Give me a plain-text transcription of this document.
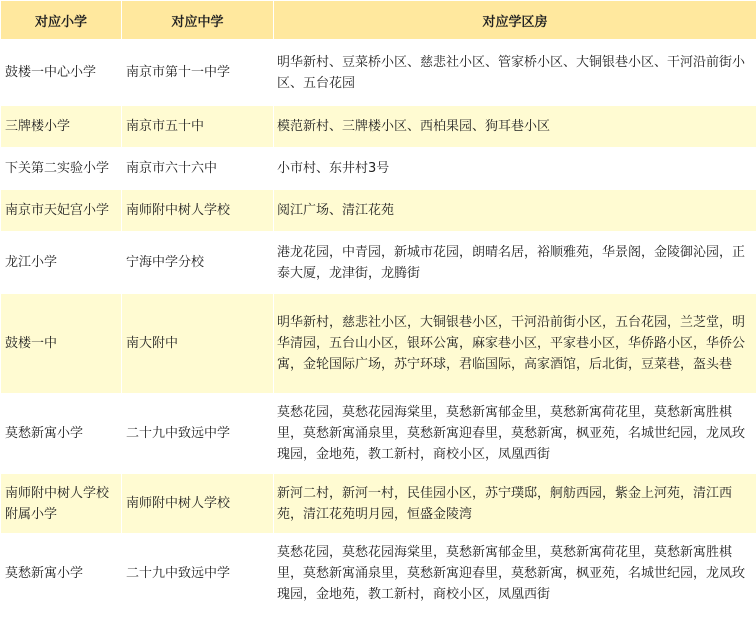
对应小学	对应中学	对应学区房
鼓楼一中心小学	南京市第十一中学	明华新村、豆菜桥小区、慈悲社小区、管家桥小区、大铜银巷小区、干河沿前街小区、五台花园
三牌楼小学	南京市五十中	模范新村、三牌楼小区、西柏果园、狗耳巷小区
下关第二实验小学	南京市六十六中	小市村、东井村3号
南京市天妃宫小学	南师附中树人学校	阅江广场、清江花苑
龙江小学	宁海中学分校	港龙花园，中青园，新城市花园，朗晴名居，裕顺雅苑，华景阁，金陵御沁园，正泰大厦，龙津街，龙腾街
鼓楼一中	南大附中	明华新村，慈悲社小区，大铜银巷小区，干河沿前街小区，五台花园，兰芝堂，明华清园，五台山小区，银环公寓，麻家巷小区，平家巷小区，华侨路小区，华侨公寓，金轮国际广场，苏宁环球，君临国际，高家酒馆，后北街，豆菜巷，盔头巷
莫愁新寓小学	二十九中致远中学	莫愁花园，莫愁花园海棠里，莫愁新寓郁金里，莫愁新寓荷花里，莫愁新寓胜棋里，莫愁新寓涌泉里，莫愁新寓迎春里，莫愁新寓，枫亚苑，名城世纪园，龙凤玫瑰园，金地苑，教工新村，商校小区，凤凰西街
南师附中树人学校附属小学	南师附中树人学校	新河二村，新河一村，民佳园小区，苏宁璞邸，舸舫西园，紫金上河苑，清江西苑，清江花苑明月园，恒盛金陵湾
莫愁新寓小学	二十九中致远中学	莫愁花园，莫愁花园海棠里，莫愁新寓郁金里，莫愁新寓荷花里，莫愁新寓胜棋里，莫愁新寓涌泉里，莫愁新寓迎春里，莫愁新寓，枫亚苑，名城世纪园，龙凤玫瑰园，金地苑，教工新村，商校小区，凤凰西街
